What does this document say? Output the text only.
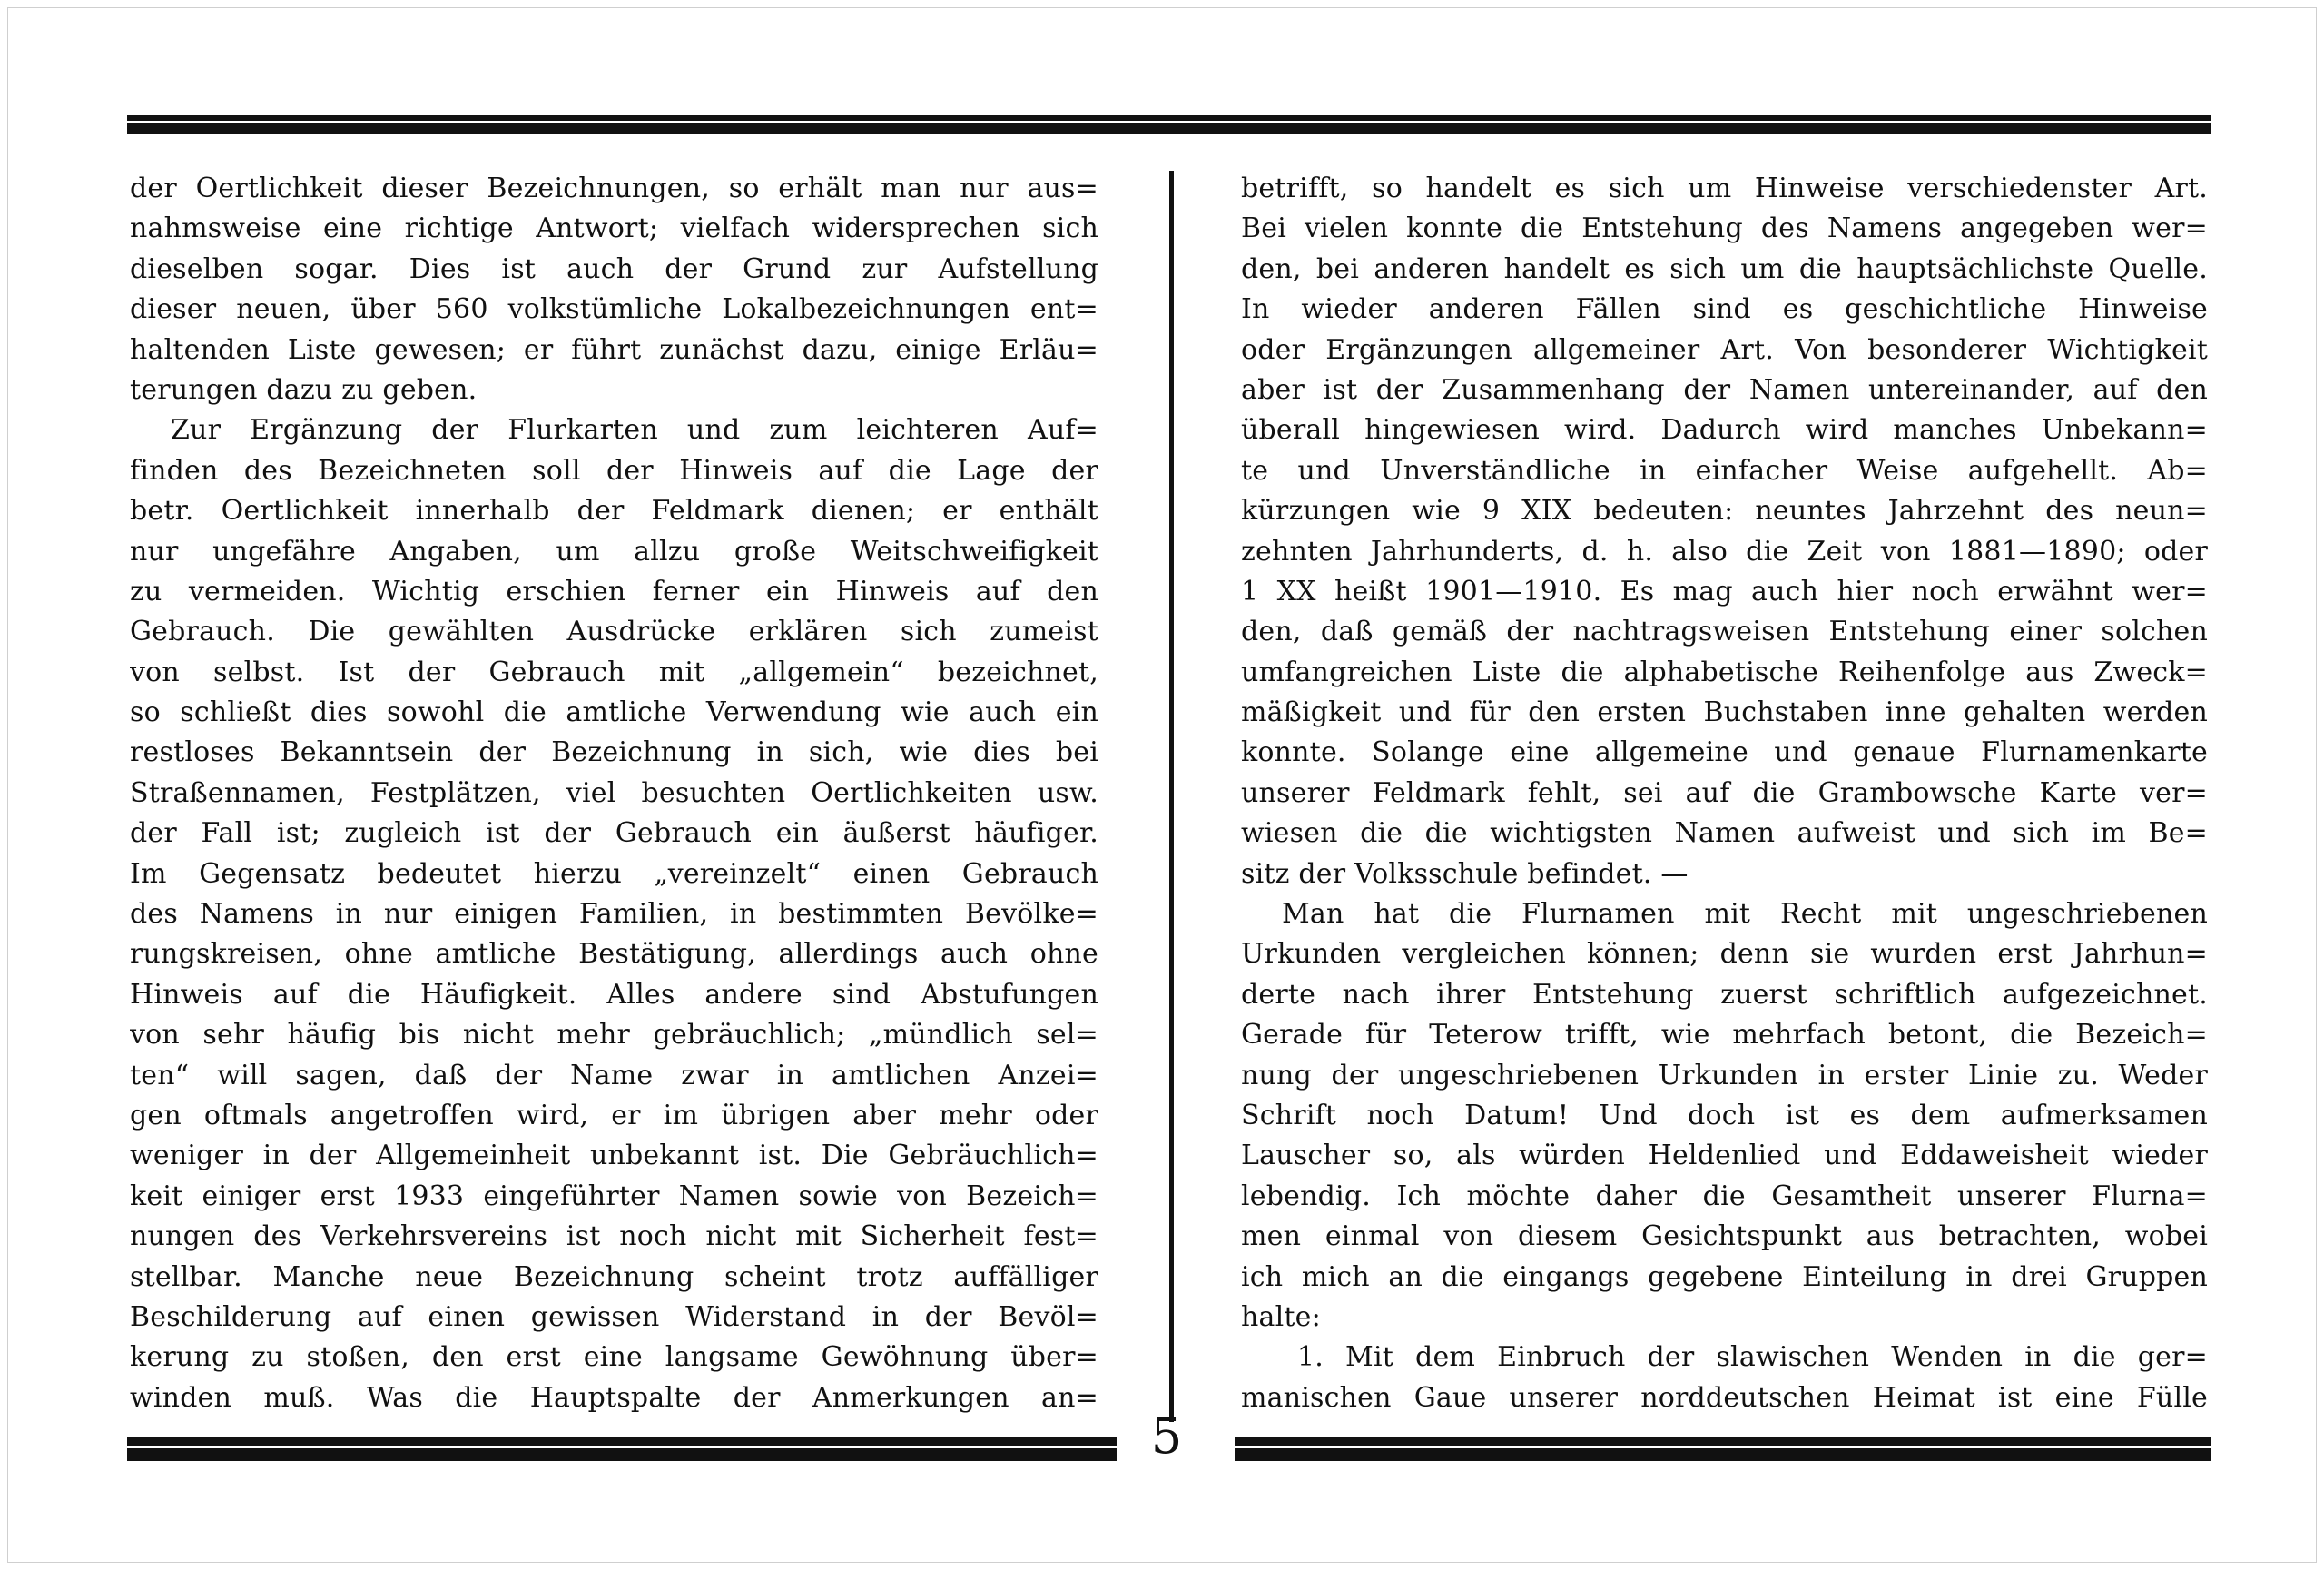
der Oertlichkeit dieser Bezeichnungen, so erhält man nur aus=
nahmsweise eine richtige Antwort; vielfach widersprechen sich
dieselben sogar. Dies ist auch der Grund zur Aufstellung
dieser neuen, über 560 volkstümliche Lokalbezeichnungen ent=
haltenden Liste gewesen; er führt zunächst dazu, einige Erläu=
terungen dazu zu geben.
Zur Ergänzung der Flurkarten und zum leichteren Auf=
finden des Bezeichneten soll der Hinweis auf die Lage der
betr. Oertlichkeit innerhalb der Feldmark dienen; er enthält
nur ungefähre Angaben, um allzu große Weitschweifigkeit
zu vermeiden. Wichtig erschien ferner ein Hinweis auf den
Gebrauch. Die gewählten Ausdrücke erklären sich zumeist
von selbst. Ist der Gebrauch mit „allgemein“ bezeichnet,
so schließt dies sowohl die amtliche Verwendung wie auch ein
restloses Bekanntsein der Bezeichnung in sich, wie dies bei
Straßennamen, Festplätzen, viel besuchten Oertlichkeiten usw.
der Fall ist; zugleich ist der Gebrauch ein äußerst häufiger.
Im Gegensatz bedeutet hierzu „vereinzelt“ einen Gebrauch
des Namens in nur einigen Familien, in bestimmten Bevölke=
rungskreisen, ohne amtliche Bestätigung, allerdings auch ohne
Hinweis auf die Häufigkeit. Alles andere sind Abstufungen
von sehr häufig bis nicht mehr gebräuchlich; „mündlich sel=
ten“ will sagen, daß der Name zwar in amtlichen Anzei=
gen oftmals angetroffen wird, er im übrigen aber mehr oder
weniger in der Allgemeinheit unbekannt ist. Die Gebräuchlich=
keit einiger erst 1933 eingeführter Namen sowie von Bezeich=
nungen des Verkehrsvereins ist noch nicht mit Sicherheit fest=
stellbar. Manche neue Bezeichnung scheint trotz auffälliger
Beschilderung auf einen gewissen Widerstand in der Bevöl=
kerung zu stoßen, den erst eine langsame Gewöhnung über=
winden muß. Was die Hauptspalte der Anmerkungen an=
betrifft, so handelt es sich um Hinweise verschiedenster Art.
Bei vielen konnte die Entstehung des Namens angegeben wer=
den, bei anderen handelt es sich um die hauptsächlichste Quelle.
In wieder anderen Fällen sind es geschichtliche Hinweise
oder Ergänzungen allgemeiner Art. Von besonderer Wichtigkeit
aber ist der Zusammenhang der Namen untereinander, auf den
überall hingewiesen wird. Dadurch wird manches Unbekann=
te und Unverständliche in einfacher Weise aufgehellt. Ab=
kürzungen wie 9 XIX bedeuten: neuntes Jahrzehnt des neun=
zehnten Jahrhunderts, d. h. also die Zeit von 1881—1890; oder
1 XX heißt 1901—1910. Es mag auch hier noch erwähnt wer=
den, daß gemäß der nachtragsweisen Entstehung einer solchen
umfangreichen Liste die alphabetische Reihenfolge aus Zweck=
mäßigkeit und für den ersten Buchstaben inne gehalten werden
konnte. Solange eine allgemeine und genaue Flurnamenkarte
unserer Feldmark fehlt, sei auf die Grambowsche Karte ver=
wiesen die die wichtigsten Namen aufweist und sich im Be=
sitz der Volksschule befindet. —
Man hat die Flurnamen mit Recht mit ungeschriebenen
Urkunden vergleichen können; denn sie wurden erst Jahrhun=
derte nach ihrer Entstehung zuerst schriftlich aufgezeichnet.
Gerade für Teterow trifft, wie mehrfach betont, die Bezeich=
nung der ungeschriebenen Urkunden in erster Linie zu. Weder
Schrift noch Datum! Und doch ist es dem aufmerksamen
Lauscher so, als würden Heldenlied und Eddaweisheit wieder
lebendig. Ich möchte daher die Gesamtheit unserer Flurna=
men einmal von diesem Gesichtspunkt aus betrachten, wobei
ich mich an die eingangs gegebene Einteilung in drei Gruppen
halte:
1. Mit dem Einbruch der slawischen Wenden in die ger=
manischen Gaue unserer norddeutschen Heimat ist eine Fülle
5
